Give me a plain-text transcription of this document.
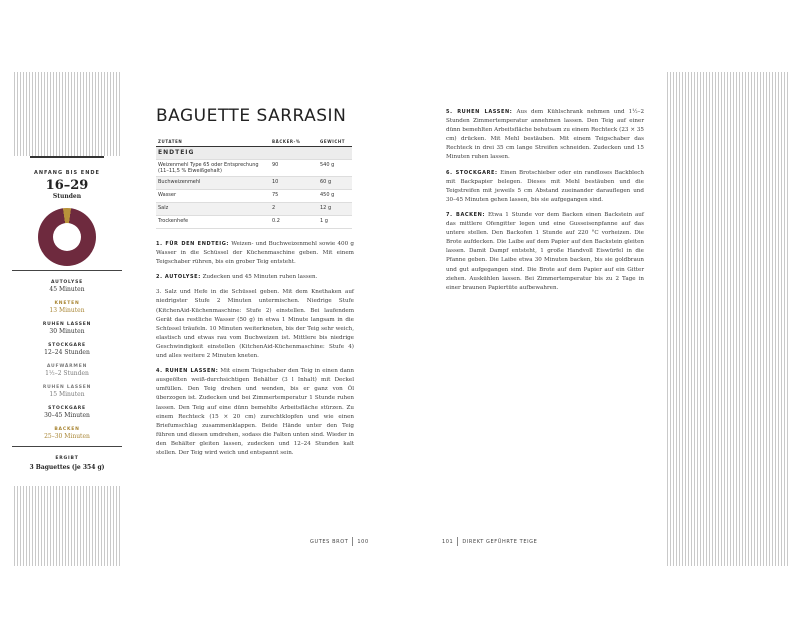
ANFANG BIS ENDE
16–29
Stunden
AUTOLYSE
45 Minuten
KNETEN
13 Minuten
RUHEN LASSEN
30 Minuten
STOCKGARE
12–24 Stunden
AUFWÄRMEN
1½–2 Stunden
RUHEN LASSEN
15 Minuten
STOCKGARE
30–45 Minuten
BACKEN
25–30 Minuten
ERGIBT
3 Baguettes (je 354 g)
BAGUETTE SARRASIN
ZUTATEN	BÄCKER-%	GEWICHT
ENDTEIG		
Weizenmehl Type 65 oder Entsprechung (11–11,5 % Eiweißgehalt)	90	540 g
Buchweizenmehl	10	60 g
Wasser	75	450 g
Salz	2	12 g
Trockenhefe	0.2	1 g

1. FÜR DEN ENDTEIG: Weizen- und Buchweizenmehl sowie 400 g Wasser in die Schüssel der Küchenmaschine geben. Mit einem Teigschaber rühren, bis ein grober Teig entsteht.

2. AUTOLYSE: Zudecken und 45 Minuten ruhen lassen.

3. Salz und Hefe in die Schüssel geben. Mit dem Knethaken auf niedrigster Stufe 2 Minuten untermischen. Niedrige Stufe (KitchenAid-Küchenmaschine: Stufe 2) einstellen. Bei laufendem Gerät das restliche Wasser (50 g) in etwa 1 Minute langsam in die Schüssel träufeln. 10 Minuten weiterkneten, bis der Teig sehr weich, elastisch und etwas rau vom Buchweizen ist. Mittlere bis niedrige Geschwindigkeit einstellen (KitchenAid-Küchenmaschine: Stufe 4) und alles weitere 2 Minuten kneten.

4. RUHEN LASSEN: Mit einem Teigschaber den Teig in einen dann ausgeölten weiß-durchsichtigen Behälter (3 l Inhalt) mit Deckel umfüllen. Den Teig drehen und wenden, bis er ganz von Öl überzogen ist. Zudecken und bei Zimmertemperatur 1 Stunde ruhen lassen. Den Teig auf eine dünn bemehlte Arbeitsfläche stürzen. Zu einem Rechteck (15 × 20 cm) zurechtklopfen und wie einen Briefumschlag zusammenklappen. Beide Hände unter den Teig führen und diesen umdrehen, sodass die Falten unten sind. Wieder in den Behälter gleiten lassen, zudecken und 12–24 Stunden kalt stellen. Der Teig wird weich und entspannt sein.

5. RUHEN LASSEN: Aus dem Kühlschrank nehmen und 1½–2 Stunden Zimmertemperatur annehmen lassen. Den Teig auf einer dünn bemehlten Arbeitsfläche behutsam zu einem Rechteck (23 × 35 cm) drücken. Mit Mehl bestäuben. Mit einem Teigschaber das Rechteck in drei 35 cm lange Streifen schneiden. Zudecken und 15 Minuten ruhen lassen.

6. STOCKGARE: Einen Brotschieber oder ein randloses Backblech mit Backpapier belegen. Dieses mit Mehl bestäuben und die Teigstreifen mit jeweils 5 cm Abstand zueinander darauflegen und 30–45 Minuten gehen lassen, bis sie aufgegangen sind.

7. BACKEN: Etwa 1 Stunde vor dem Backen einen Backstein auf das mittlere Ofengitter legen und eine Gusseisenpfanne auf das untere stellen. Den Backofen 1 Stunde auf 220 °C vorheizen. Die Brote aufdecken. Die Laibe auf dem Papier auf den Backstein gleiten lassen. Damit Dampf entsteht, 1 große Handvoll Eiswürfel in die Pfanne geben. Die Laibe etwa 30 Minuten backen, bis sie goldbraun und gut aufgegangen sind. Die Brote auf dem Papier auf ein Gitter ziehen. Auskühlen lassen. Bei Zimmertemperatur bis zu 2 Tage in einer braunen Papiertüte aufbewahren.

GUTES BROT 100	101 DIREKT GEFÜHRTE TEIGE
